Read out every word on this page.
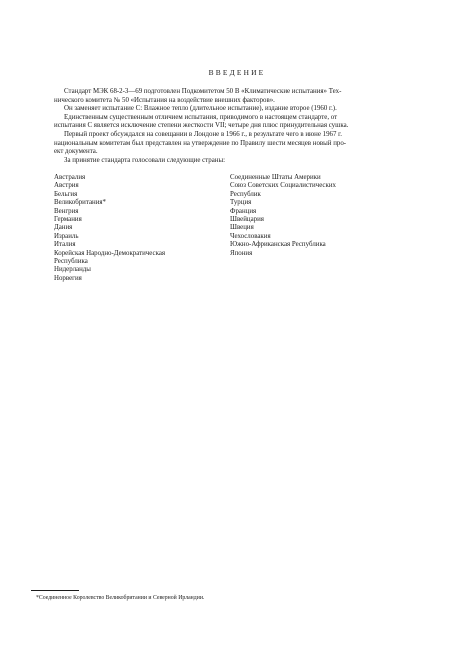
ВВЕДЕНИЕ

Стандарт МЭК 68-2-3—69 подготовлен Подкомитетом 50 В «Климатические испытания» Тех-
нического комитета № 50 «Испытания на воздействие внешних факторов».

Он заменяет испытание С: Влажное тепло (длительное испытание), издание второе (1960 г.).

Единственным существенным отличием испытания, приводимого в настоящем стандарте, от
испытания С является исключение степени жесткости VII; четыре дня плюс принудительная сушка.

Первый проект обсуждался на совещании в Лондоне в 1966 г., в результате чего в июне 1967 г.
национальным комитетам был представлен на утверждение по Правилу шести месяцев новый про-
ект документа.

За принятие стандарта голосовали следующие страны:

Австралия
Австрия
Бельгия
Великобритания*
Венгрия
Германия
Дания
Израиль
Италия
Корейская Народно-Демократическая
Республика
Нидерланды
Норвегия
Соединенные Штаты Америки
Союз Советских Социалистических
Республик
Турция
Франция
Швейцария
Швеция
Чехословакия
Южно-Африканская Республика
Япония
*Соединенное Королевство Великобритании и Северной Ирландии.
